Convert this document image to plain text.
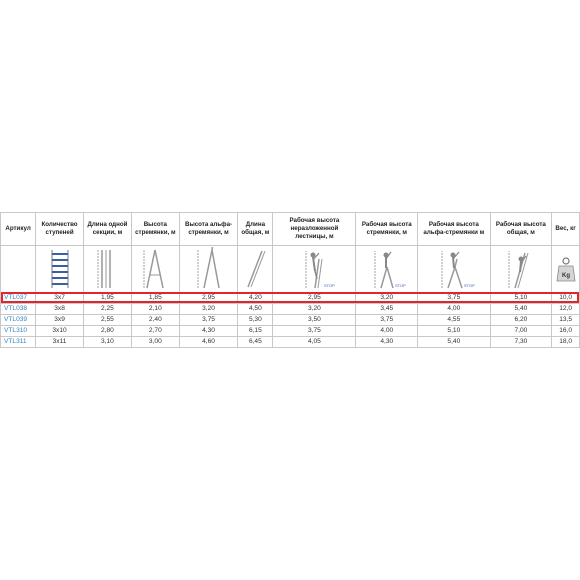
Артикул	Количество ступеней	Длина одной секции, м	Высота стремянки, м	Высота альфа-стремянки, м	Длина общая, м	Рабочая высота неразложенной лестницы, м	Рабочая высота стремянки, м	Рабочая высота альфа-стремянки м	Рабочая высота общая, м	Вес, кг

STOP	STOP	STOP		Kg

VTL037	3x7	1,95	1,85	2,95	4,20	2,95	3,20	3,75	5,10	10,0
VTL038	3x8	2,25	2,10	3,20	4,50	3,20	3,45	4,00	5,40	12,0
VTL039	3x9	2,55	2,40	3,75	5,30	3,50	3,75	4,55	6,20	13,5
VTL310	3x10	2,80	2,70	4,30	6,15	3,75	4,00	5,10	7,00	16,0
VTL311	3x11	3,10	3,00	4,60	6,45	4,05	4,30	5,40	7,30	18,0
